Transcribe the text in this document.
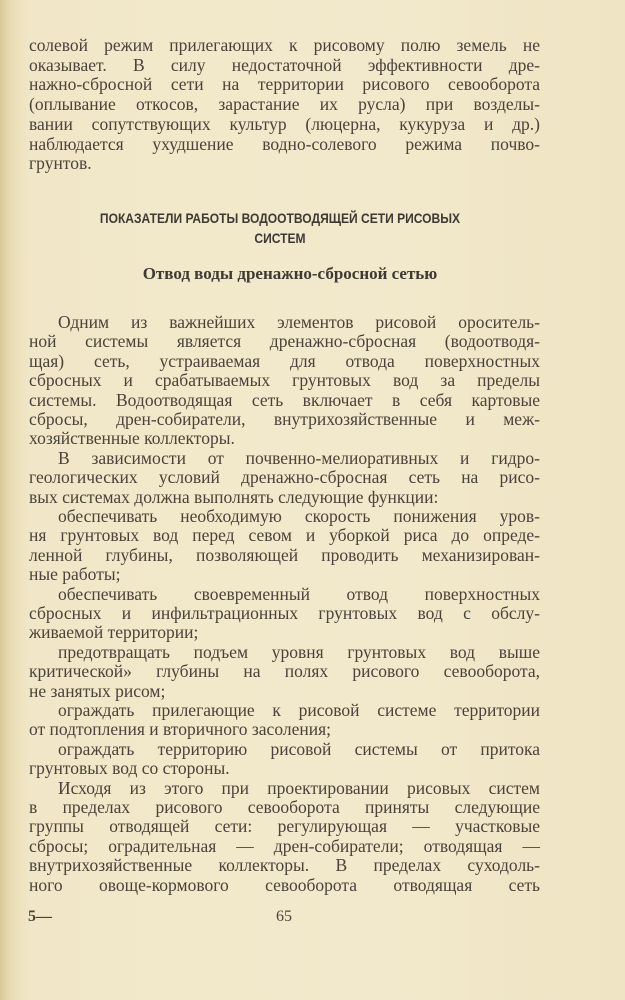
ПОКАЗАТЕЛИ РАБОТЫ ВОДООТВОДЯЩЕЙ СЕТИ РИСОВЫХ
СИСТЕМ
Отвод воды дренажно-сбросной сетью
5—	65
солевой режим прилегающих к рисовому полю земель не
оказывает. В силу недостаточной эффективности дре-
нажно-сбросной сети на территории рисового севооборота
(оплывание откосов, зарастание их русла) при возделы-
вании сопутствующих культур (люцерна, кукуруза и др.)
наблюдается ухудшение водно-солевого режима почво-
грунтов.
Одним из важнейших элементов рисовой ороситель-
ной системы является дренажно-сбросная (водоотводя-
щая) сеть, устраиваемая для отвода поверхностных
сбросных и срабатываемых грунтовых вод за пределы
системы. Водоотводящая сеть включает в себя картовые
сбросы, дрен-собиратели, внутрихозяйственные и меж-
хозяйственные коллекторы.
В зависимости от почвенно-мелиоративных и гидро-
геологических условий дренажно-сбросная сеть на рисо-
вых системах должна выполнять следующие функции:
обеспечивать необходимую скорость понижения уров-
ня грунтовых вод перед севом и уборкой риса до опреде-
ленной глубины, позволяющей проводить механизирован-
ные работы;
обеспечивать своевременный отвод поверхностных
сбросных и инфильтрационных грунтовых вод с обслу-
живаемой территории;
предотвращать подъем уровня грунтовых вод выше
критической» глубины на полях рисового севооборота,
не занятых рисом;
ограждать прилегающие к рисовой системе территории
от подтопления и вторичного засоления;
ограждать территорию рисовой системы от притока
грунтовых вод со стороны.
Исходя из этого при проектировании рисовых систем
в пределах рисового севооборота приняты следующие
группы отводящей сети: регулирующая — участковые
сбросы; оградительная — дрен-собиратели; отводящая —
внутрихозяйственные коллекторы. В пределах суходоль-
ного овоще-кормового севооборота отводящая сеть
